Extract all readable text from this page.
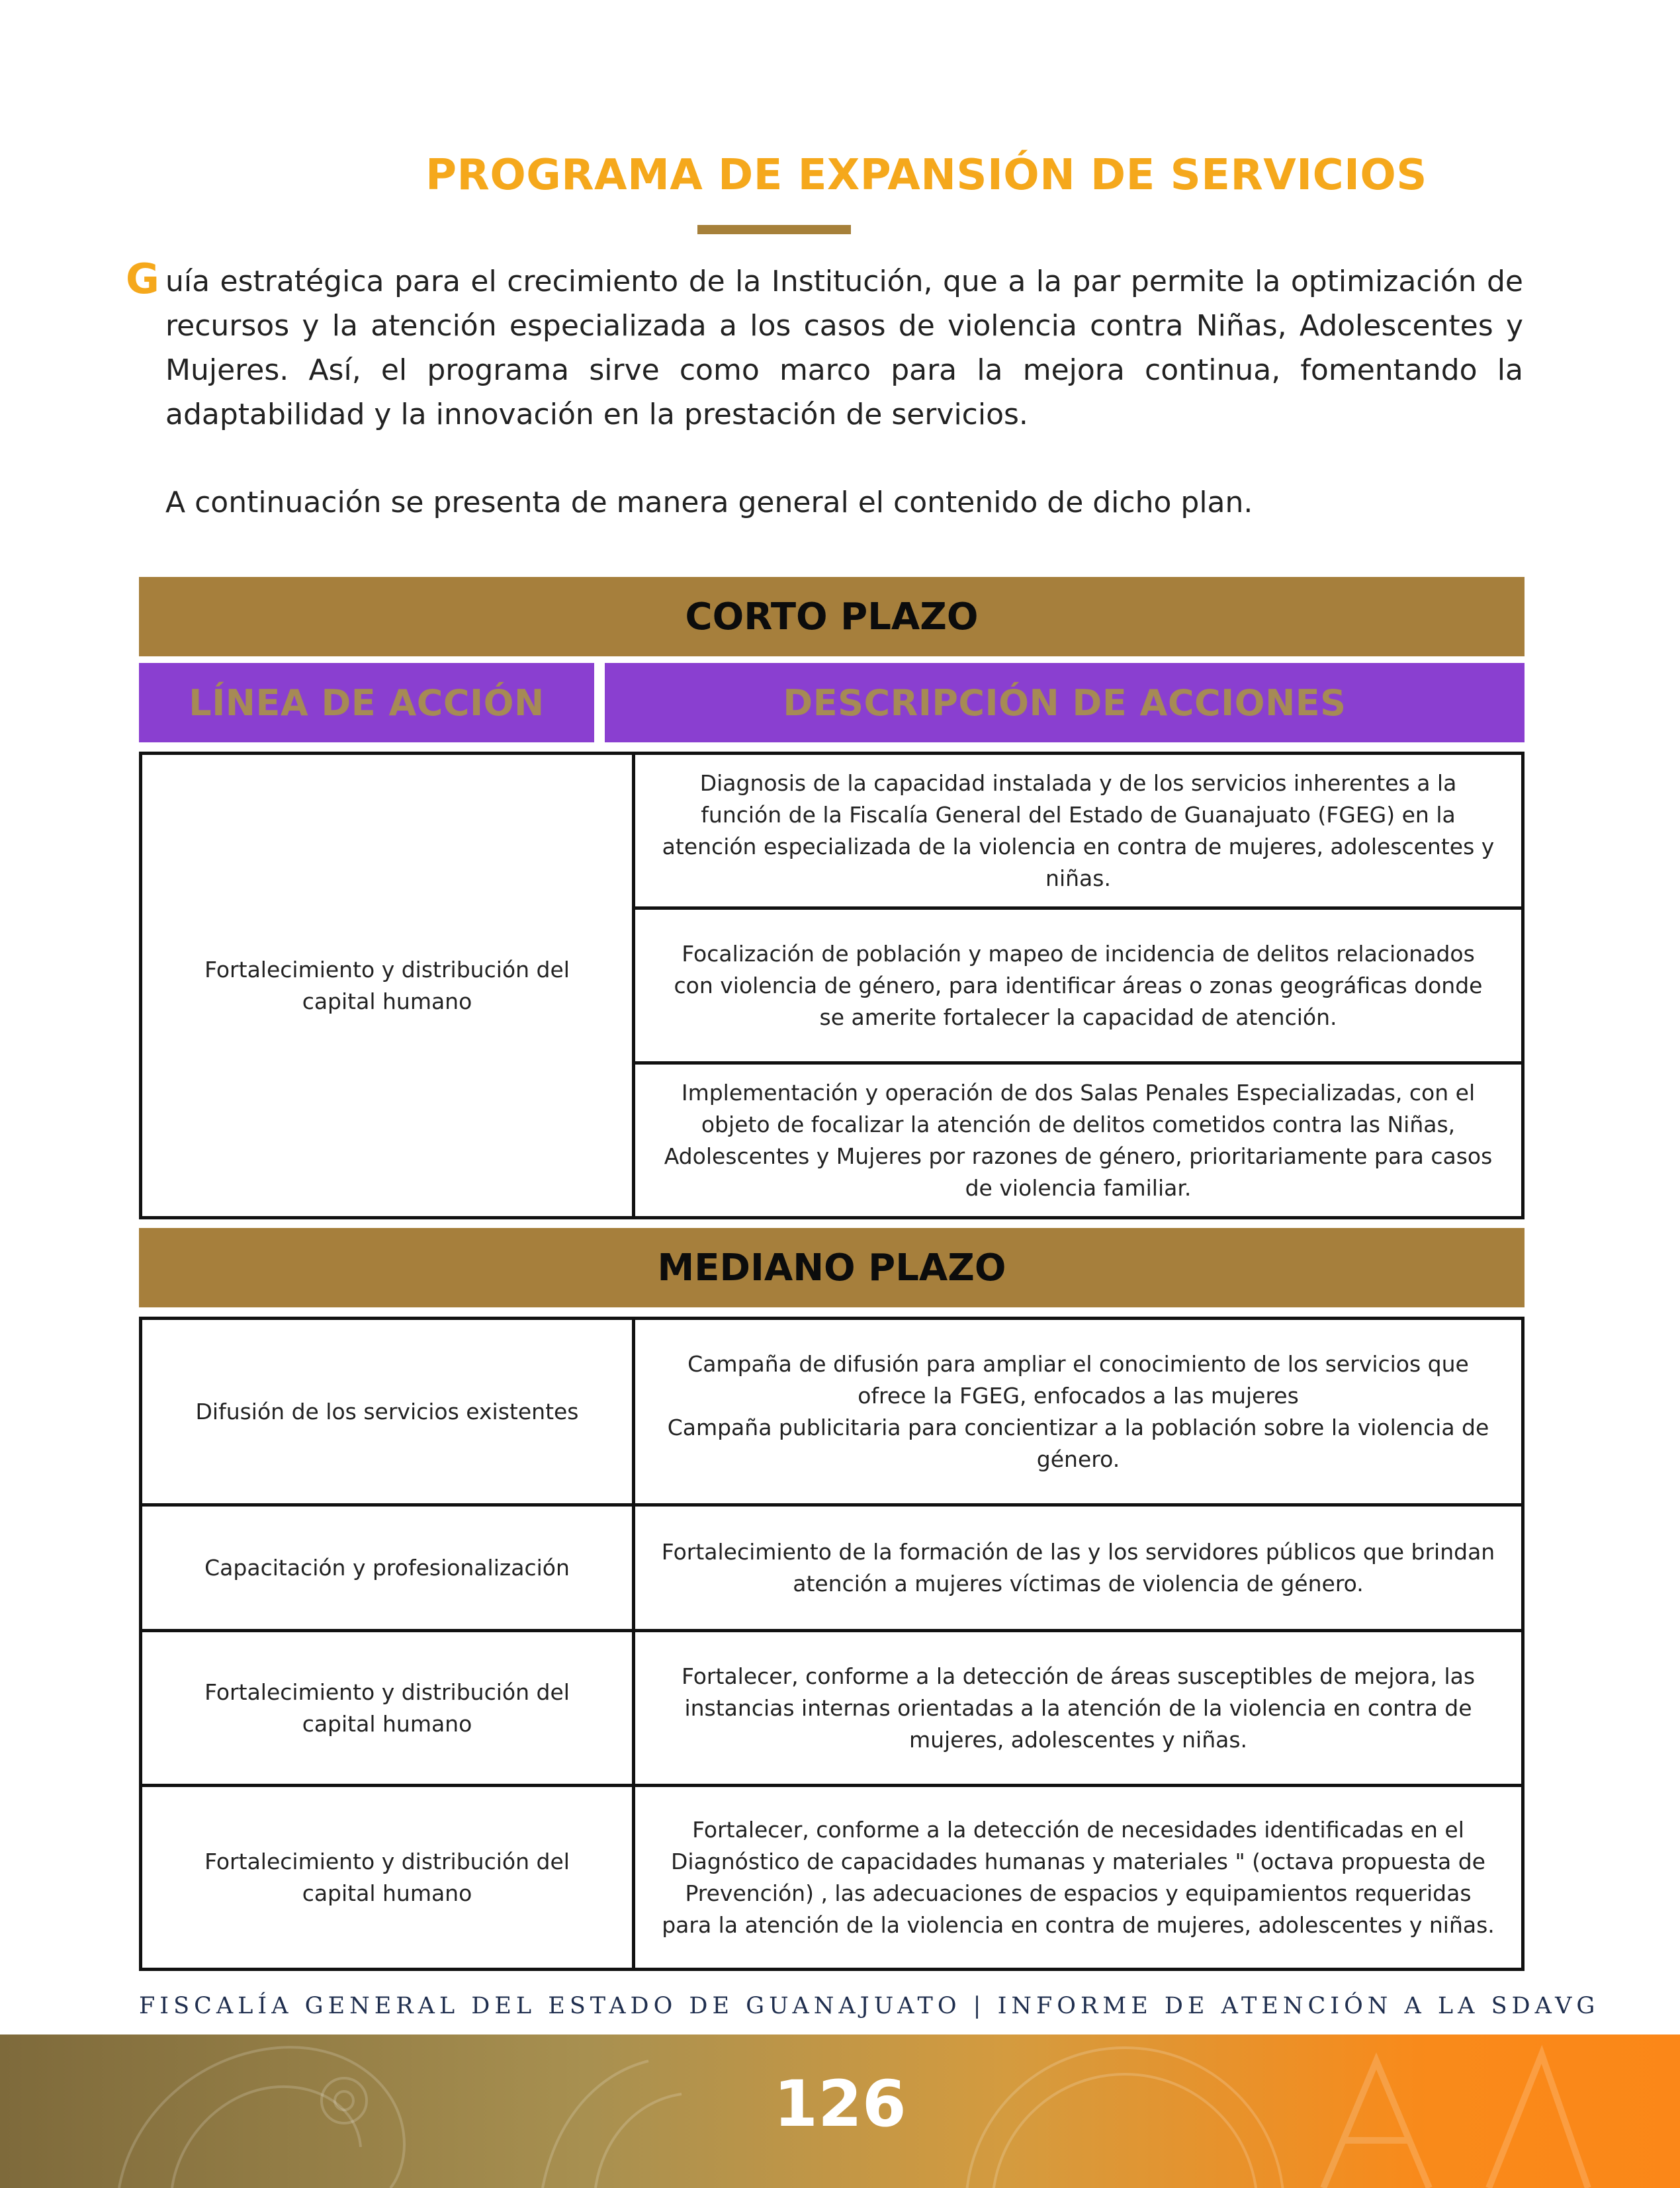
PROGRAMA DE EXPANSIÓN DE SERVICIOS

G uía estratégica para el crecimiento de la Institución, que a la par permite la optimización de recursos y la atención especializada a los casos de violencia contra Niñas, Adolescentes y Mujeres. Así, el programa sirve como marco para la mejora continua, fomentando la adaptabilidad y la innovación en la prestación de servicios.

A continuación se presenta de manera general el contenido de dicho plan.

CORTO PLAZO
LÍNEA DE ACCIÓN	DESCRIPCIÓN DE ACCIONES
Fortalecimiento y distribución del capital humano	Diagnosis de la capacidad instalada y de los servicios inherentes a la función de la Fiscalía General del Estado de Guanajuato (FGEG) en la atención especializada de la violencia en contra de mujeres, adolescentes y niñas.
Focalización de población y mapeo de incidencia de delitos relacionados con violencia de género, para identificar áreas o zonas geográficas donde se amerite fortalecer la capacidad de atención.
Implementación y operación de dos Salas Penales Especializadas, con el objeto de focalizar la atención de delitos cometidos contra las Niñas, Adolescentes y Mujeres por razones de género, prioritariamente para casos de violencia familiar.
MEDIANO PLAZO
Difusión de los servicios existentes	Campaña de difusión para ampliar el conocimiento de los servicios que ofrece la FGEG, enfocados a las mujeres
Campaña publicitaria para concientizar a la población sobre la violencia de género.

Capacitación y profesionalización	Fortalecimiento de la formación de las y los servidores públicos que brindan atención a mujeres víctimas de violencia de género.
Fortalecimiento y distribución del capital humano	Fortalecer, conforme a la detección de áreas susceptibles de mejora, las instancias internas orientadas a la atención de la violencia en contra de mujeres, adolescentes y niñas.
Fortalecimiento y distribución del capital humano	Fortalecer, conforme a la detección de necesidades identificadas en el Diagnóstico de capacidades humanas y materiales " (octava propuesta de Prevención) , las adecuaciones de espacios y equipamientos requeridas para la atención de la violencia en contra de mujeres, adolescentes y niñas.
FISCALÍA GENERAL DEL ESTADO DE GUANAJUATO | INFORME DE ATENCIÓN A LA SDAVG
126
